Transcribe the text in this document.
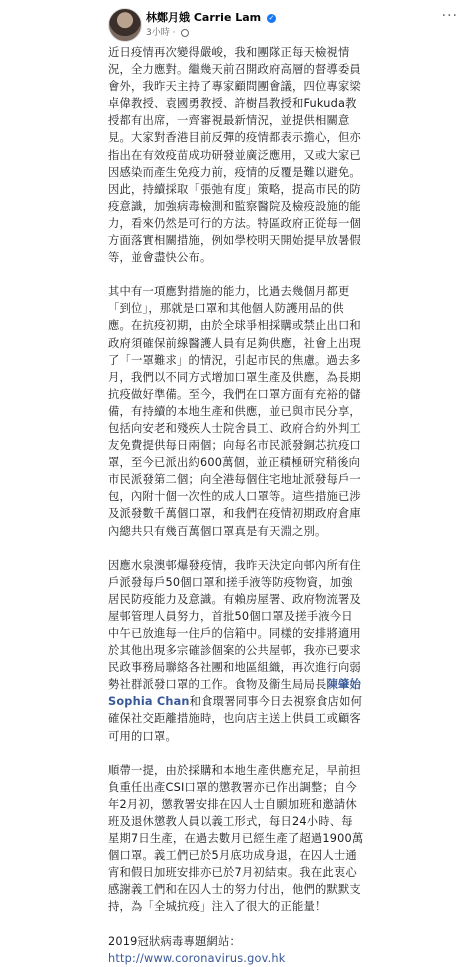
林鄭月娥 Carrie Lam ✓
3小時 ·
···

近日疫情再次變得嚴峻，我和團隊正每天檢視情況，全力應對。繼幾天前召開政府高層的督導委員會外，我昨天主持了專家顧問團會議，四位專家梁卓偉教授、袁國勇教授、許樹昌教授和Fukuda教授都有出席，一齊審視最新情況，並提供相關意見。大家對香港目前反彈的疫情都表示擔心，但亦指出在有效疫苗成功研發並廣泛應用，又或大家已因感染而產生免疫力前，疫情的反覆是難以避免。因此，持續採取「張弛有度」策略，提高市民的防疫意識，加強病毒檢測和監察醫院及檢疫設施的能力，看來仍然是可行的方法。特區政府正從每一個方面落實相關措施，例如學校明天開始提早放暑假等，並會盡快公布。

其中有一項應對措施的能力，比過去幾個月都更「到位」，那就是口罩和其他個人防護用品的供應。在抗疫初期，由於全球爭相採購或禁止出口和政府須確保前線醫護人員有足夠供應，社會上出現了「一罩難求」的情況，引起市民的焦慮。過去多月，我們以不同方式增加口罩生產及供應，為長期抗疫做好準備。至今，我們在口罩方面有充裕的儲備，有持續的本地生產和供應，並已與市民分享，包括向安老和殘疾人士院舍員工、政府合約外判工友免費提供每日兩個；向每名市民派發銅芯抗疫口罩，至今已派出約600萬個，並正積極研究稍後向市民派發第二個；向全港每個住宅地址派發每戶一包，內附十個一次性的成人口罩等。這些措施已涉及派發數千萬個口罩，和我們在疫情初期政府倉庫內總共只有幾百萬個口罩真是有天淵之別。

因應水泉澳邨爆發疫情，我昨天決定向邨內所有住戶派發每戶50個口罩和搓手液等防疫物資，加強居民防疫能力及意識。有賴房屋署、政府物流署及屋邨管理人員努力，首批50個口罩及搓手液今日中午已放進每一住戶的信箱中。同樣的安排將適用於其他出現多宗確診個案的公共屋邨，我亦已要求民政事務局聯絡各社團和地區組織，再次進行向弱勢社群派發口罩的工作。食物及衞生局局長陳肇始 Sophia Chan和食環署同事今日去視察食店如何確保社交距離措施時，也向店主送上供員工或顧客可用的口罩。

順帶一提，由於採購和本地生產供應充足，早前担負重任出產CSI口罩的懲教署亦已作出調整；自今年2月初，懲教署安排在囚人士自願加班和邀請休班及退休懲教人員以義工形式，每日24小時、每星期7日生產，在過去數月已經生產了超過1900萬個口罩。義工們已於5月底功成身退，在囚人士通宵和假日加班安排亦已於7月初結束。我在此衷心感謝義工們和在囚人士的努力付出，他們的默默支持，為「全城抗疫」注入了很大的正能量！

2019冠狀病毒專題網站：

http://www.coronavirus.gov.hk
